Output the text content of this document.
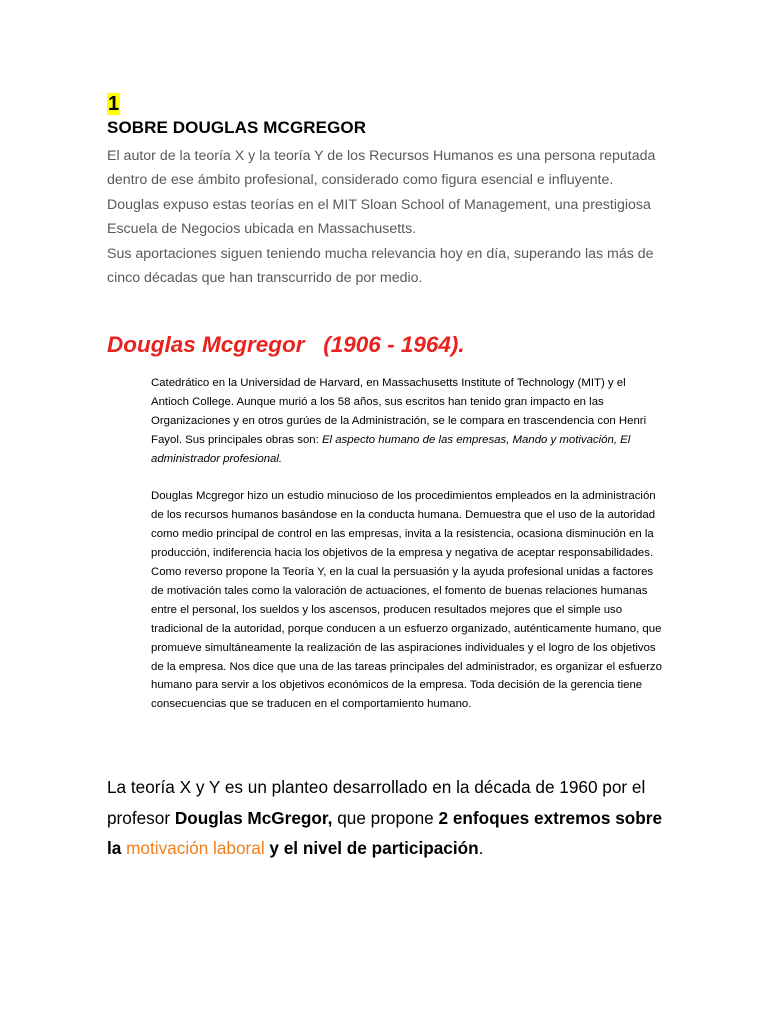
1
SOBRE DOUGLAS MCGREGOR

El autor de la teoría X y la teoría Y de los Recursos Humanos es una persona reputada dentro de ese ámbito profesional, considerado como figura esencial e influyente.

Douglas expuso estas teorías en el MIT Sloan School of Management, una prestigiosa Escuela de Negocios ubicada en Massachusetts.

Sus aportaciones siguen teniendo mucha relevancia hoy en día, superando las más de cinco décadas que han transcurrido de por medio.

Douglas Mcgregor   (1906 - 1964).

Catedrático en la Universidad de Harvard, en Massachusetts Institute of Technology (MIT) y el Antioch College. Aunque murió a los 58 años, sus escritos han tenido gran impacto en las Organizaciones y en otros gurúes de la Administración, se le compara en trascendencia con Henri Fayol. Sus principales obras son: El aspecto humano de las empresas, Mando y motivación, El administrador profesional.

Douglas Mcgregor hizo un estudio minucioso de los procedimientos empleados en la administración de los recursos humanos basándose en la conducta humana. Demuestra que el uso de la autoridad como medio principal de control en las empresas, invita a la resistencia, ocasiona disminución en la producción, indiferencia hacia los objetivos de la empresa y negativa de aceptar responsabilidades. Como reverso propone la Teoría Y, en la cual la persuasión y la ayuda profesional unidas a factores de motivación tales como la valoración de actuaciones, el fomento de buenas relaciones humanas entre el personal, los sueldos y los ascensos, producen resultados mejores que el simple uso tradicional de la autoridad, porque conducen a un esfuerzo organizado, auténticamente humano, que promueve simultáneamente la realización de las aspiraciones individuales y el logro de los objetivos de la empresa. Nos dice que una de las tareas principales del administrador, es organizar el esfuerzo humano para servir a los objetivos económicos de la empresa. Toda decisión de la gerencia tiene consecuencias que se traducen en el comportamiento humano.

La teoría X y Y es un planteo desarrollado en la década de 1960 por el profesor Douglas McGregor, que propone 2 enfoques extremos sobre la motivación laboral y el nivel de participación.
